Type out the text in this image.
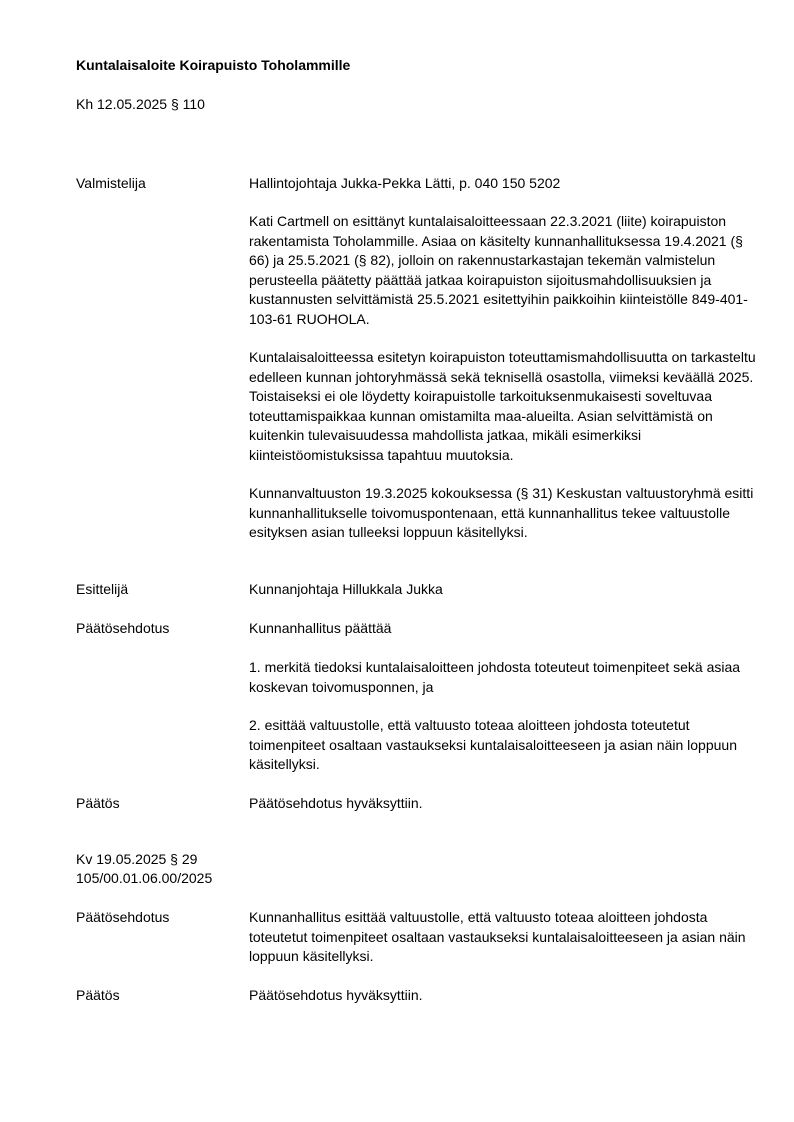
Kuntalaisaloite Koirapuisto Toholammille

Kh 12.05.2025 § 110

Valmistelija	Hallintojohtaja Jukka-Pekka Lätti, p. 040 150 5202

Kati Cartmell on esittänyt kuntalaisaloitteessaan 22.3.2021 (liite) koirapuiston rakentamista Toholammille. Asiaa on käsitelty kunnanhallituksessa 19.4.2021 (§ 66) ja 25.5.2021 (§ 82), jolloin on rakennustarkastajan tekemän valmistelun perusteella päätetty päättää jatkaa koirapuiston sijoitusmahdollisuuksien ja kustannusten selvittämistä 25.5.2021 esitettyihin paikkoihin kiinteistölle 849-401-103-61 RUOHOLA.

Kuntalaisaloitteessa esitetyn koirapuiston toteuttamismahdollisuutta on tarkasteltu edelleen kunnan johtoryhmässä sekä teknisellä osastolla, viimeksi keväällä 2025. Toistaiseksi ei ole löydetty koirapuistolle tarkoituksenmukaisesti soveltuvaa toteuttamispaikkaa kunnan omistamilta maa-alueilta. Asian selvittämistä on kuitenkin tulevaisuudessa mahdollista jatkaa, mikäli esimerkiksi kiinteistöomistuksissa tapahtuu muutoksia.

Kunnanvaltuuston 19.3.2025 kokouksessa (§ 31) Keskustan valtuustoryhmä esitti kunnanhallitukselle toivomuspontenaan, että kunnanhallitus tekee valtuustolle esityksen asian tulleeksi loppuun käsitellyksi.

Esittelijä	Kunnanjohtaja Hillukkala Jukka

Päätösehdotus	Kunnanhallitus päättää

1. merkitä tiedoksi kuntalaisaloitteen johdosta toteuteut toimenpiteet sekä asiaa koskevan toivomusponnen, ja

2. esittää valtuustolle, että valtuusto toteaa aloitteen johdosta toteutetut toimenpiteet osaltaan vastaukseksi kuntalaisaloitteeseen ja asian näin loppuun käsitellyksi.

Päätös	Päätösehdotus hyväksyttiin.

Kv 19.05.2025 § 29

105/00.01.06.00/2025

Päätösehdotus	Kunnanhallitus esittää valtuustolle, että valtuusto toteaa aloitteen johdosta toteutetut toimenpiteet osaltaan vastaukseksi kuntalaisaloitteeseen ja asian näin loppuun käsitellyksi.

Päätös	Päätösehdotus hyväksyttiin.
